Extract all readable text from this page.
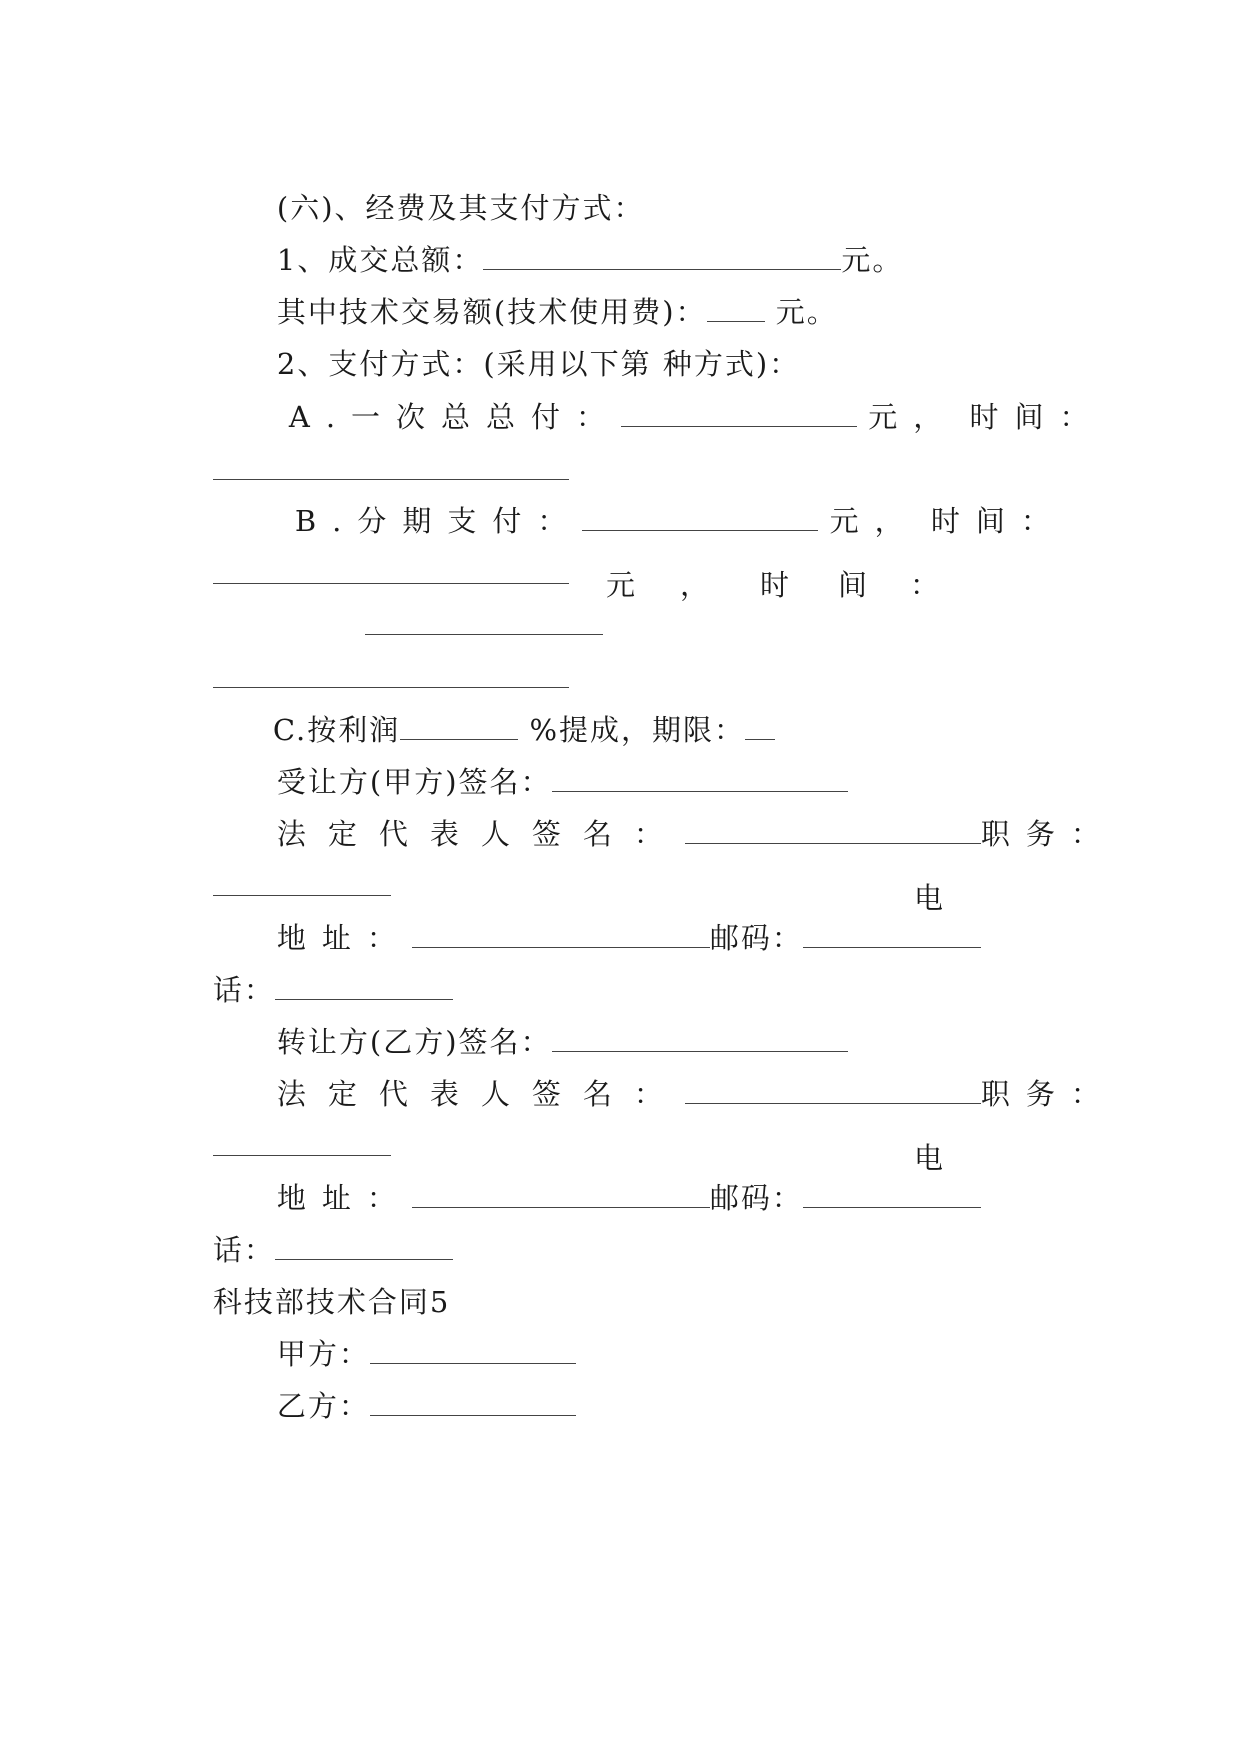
(六)、经费及其支付方式：

1、成交总额：	元。

其中技术交易额(技术使用费)： 元。

2、支付方式：(采用以下第 种方式)：

A.一次总总付：	元， 时间：

B.分期支付：	元， 时间：

元 ， 时 间 ：

C.按利润	%提成，期限：

受让方(甲方)签名：

法定代表人签名：	职务：

地址：	邮码：

电

话：

转让方(乙方)签名：

法定代表人签名：	职务：

地址：	邮码：

电

话：

科技部技术合同5

甲方：

乙方：
